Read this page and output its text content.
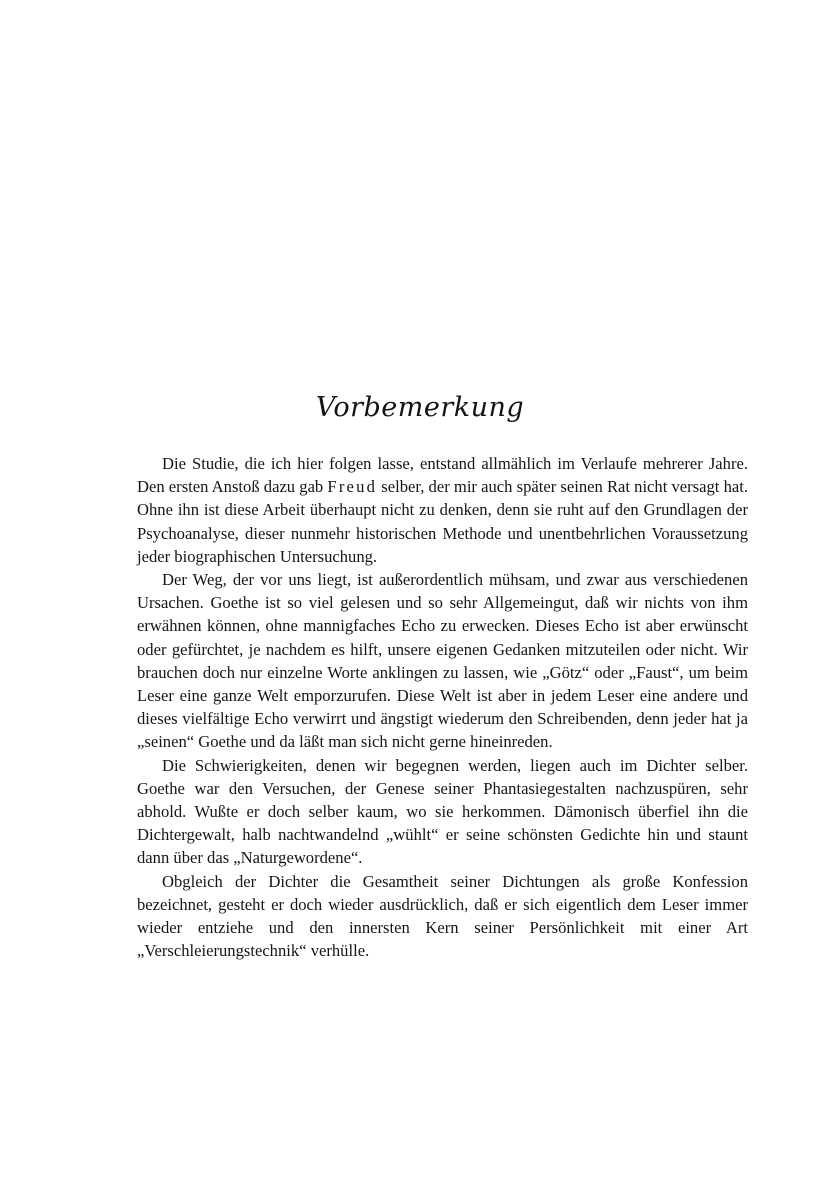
Vorbemerkung

Die Studie, die ich hier folgen lasse, entstand allmählich im Verlaufe mehrerer Jahre. Den ersten Anstoß dazu gab Freud selber, der mir auch später seinen Rat nicht versagt hat. Ohne ihn ist diese Arbeit überhaupt nicht zu denken, denn sie ruht auf den Grundlagen der Psychoanalyse, dieser nunmehr historischen Methode und unentbehrlichen Voraussetzung jeder biographischen Untersuchung.

Der Weg, der vor uns liegt, ist außerordentlich mühsam, und zwar aus verschiedenen Ursachen. Goethe ist so viel gelesen und so sehr Allgemeingut, daß wir nichts von ihm erwähnen können, ohne mannigfaches Echo zu erwecken. Dieses Echo ist aber erwünscht oder gefürchtet, je nachdem es hilft, unsere eigenen Gedanken mitzuteilen oder nicht. Wir brauchen doch nur einzelne Worte anklingen zu lassen, wie „Götz“ oder „Faust“, um beim Leser eine ganze Welt emporzurufen. Diese Welt ist aber in jedem Leser eine andere und dieses vielfältige Echo verwirrt und ängstigt wiederum den Schreibenden, denn jeder hat ja „seinen“ Goethe und da läßt man sich nicht gerne hineinreden.

Die Schwierigkeiten, denen wir begegnen werden, liegen auch im Dichter selber. Goethe war den Versuchen, der Genese seiner Phantasiegestalten nachzuspüren, sehr abhold. Wußte er doch selber kaum, wo sie herkommen. Dämonisch überfiel ihn die Dichtergewalt, halb nachtwandelnd „wühlt“ er seine schönsten Gedichte hin und staunt dann über das „Naturgewordene“.

Obgleich der Dichter die Gesamtheit seiner Dichtungen als große Konfession bezeichnet, gesteht er doch wieder ausdrücklich, daß er sich eigentlich dem Leser immer wieder entziehe und den innersten Kern seiner Persönlichkeit mit einer Art „Verschleierungstechnik“ verhülle.
